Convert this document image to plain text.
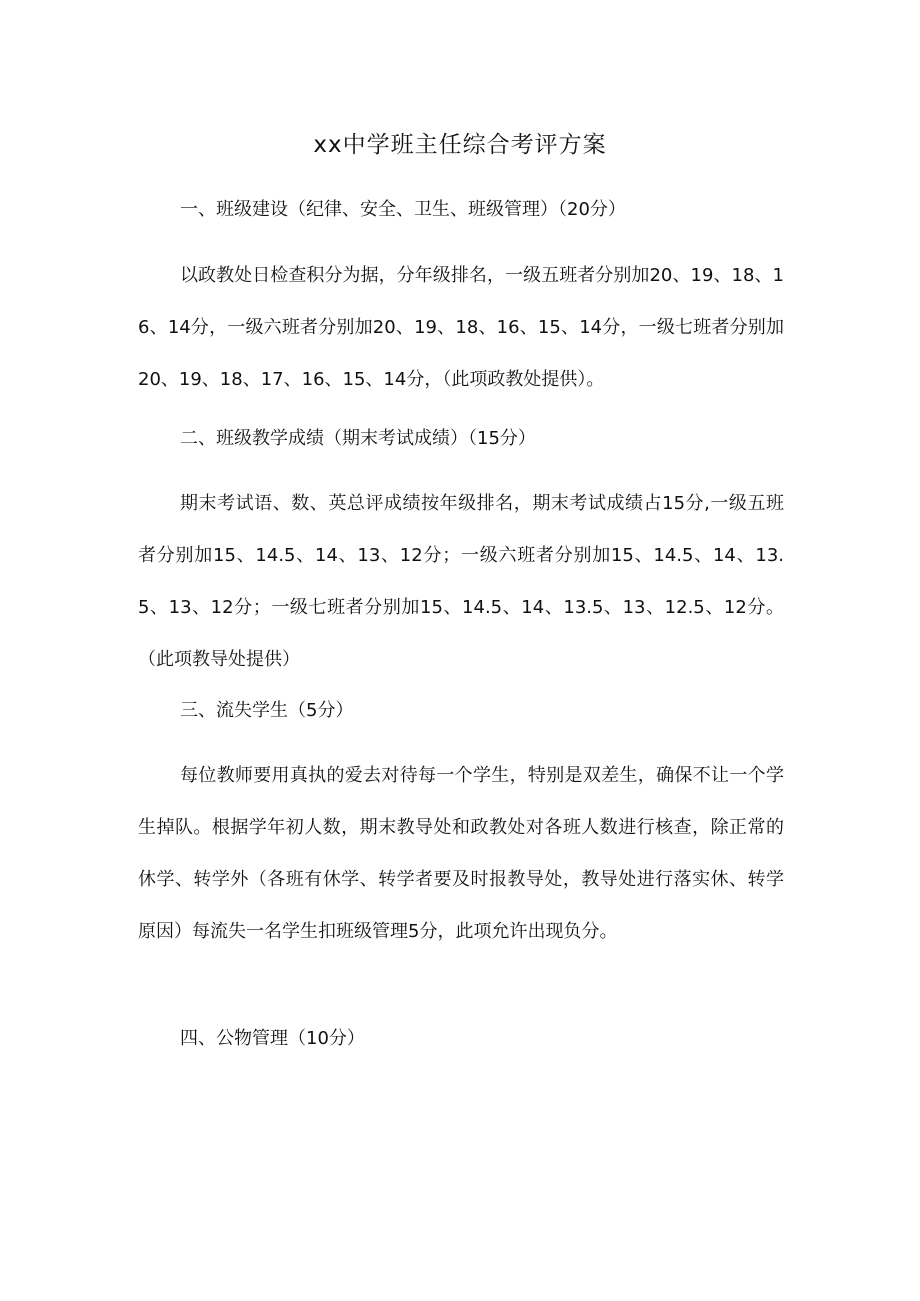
xx中学班主任综合考评方案
一、班级建设（纪律、安全、卫生、班级管理）（20分）
以政教处日检查积分为据，分年级排名，一级五班者分别加20、19、18、16、14分，一级六班者分别加20、19、18、16、15、14分，一级七班者分别加20、19、18、17、16、15、14分，（此项政教处提供）。
二、班级教学成绩（期末考试成绩）（15分）
期末考试语、数、英总评成绩按年级排名，期末考试成绩占15分,一级五班者分别加15、14.5、14、13、12分；一级六班者分别加15、14.5、14、13.5、13、12分；一级七班者分别加15、14.5、14、13.5、13、12.5、12分。（此项教导处提供）
三、流失学生（5分）
每位教师要用真执的爱去对待每一个学生，特别是双差生，确保不让一个学生掉队。根据学年初人数，期末教导处和政教处对各班人数进行核查，除正常的休学、转学外（各班有休学、转学者要及时报教导处，教导处进行落实休、转学原因）每流失一名学生扣班级管理5分，此项允许出现负分。
四、公物管理（10分）
